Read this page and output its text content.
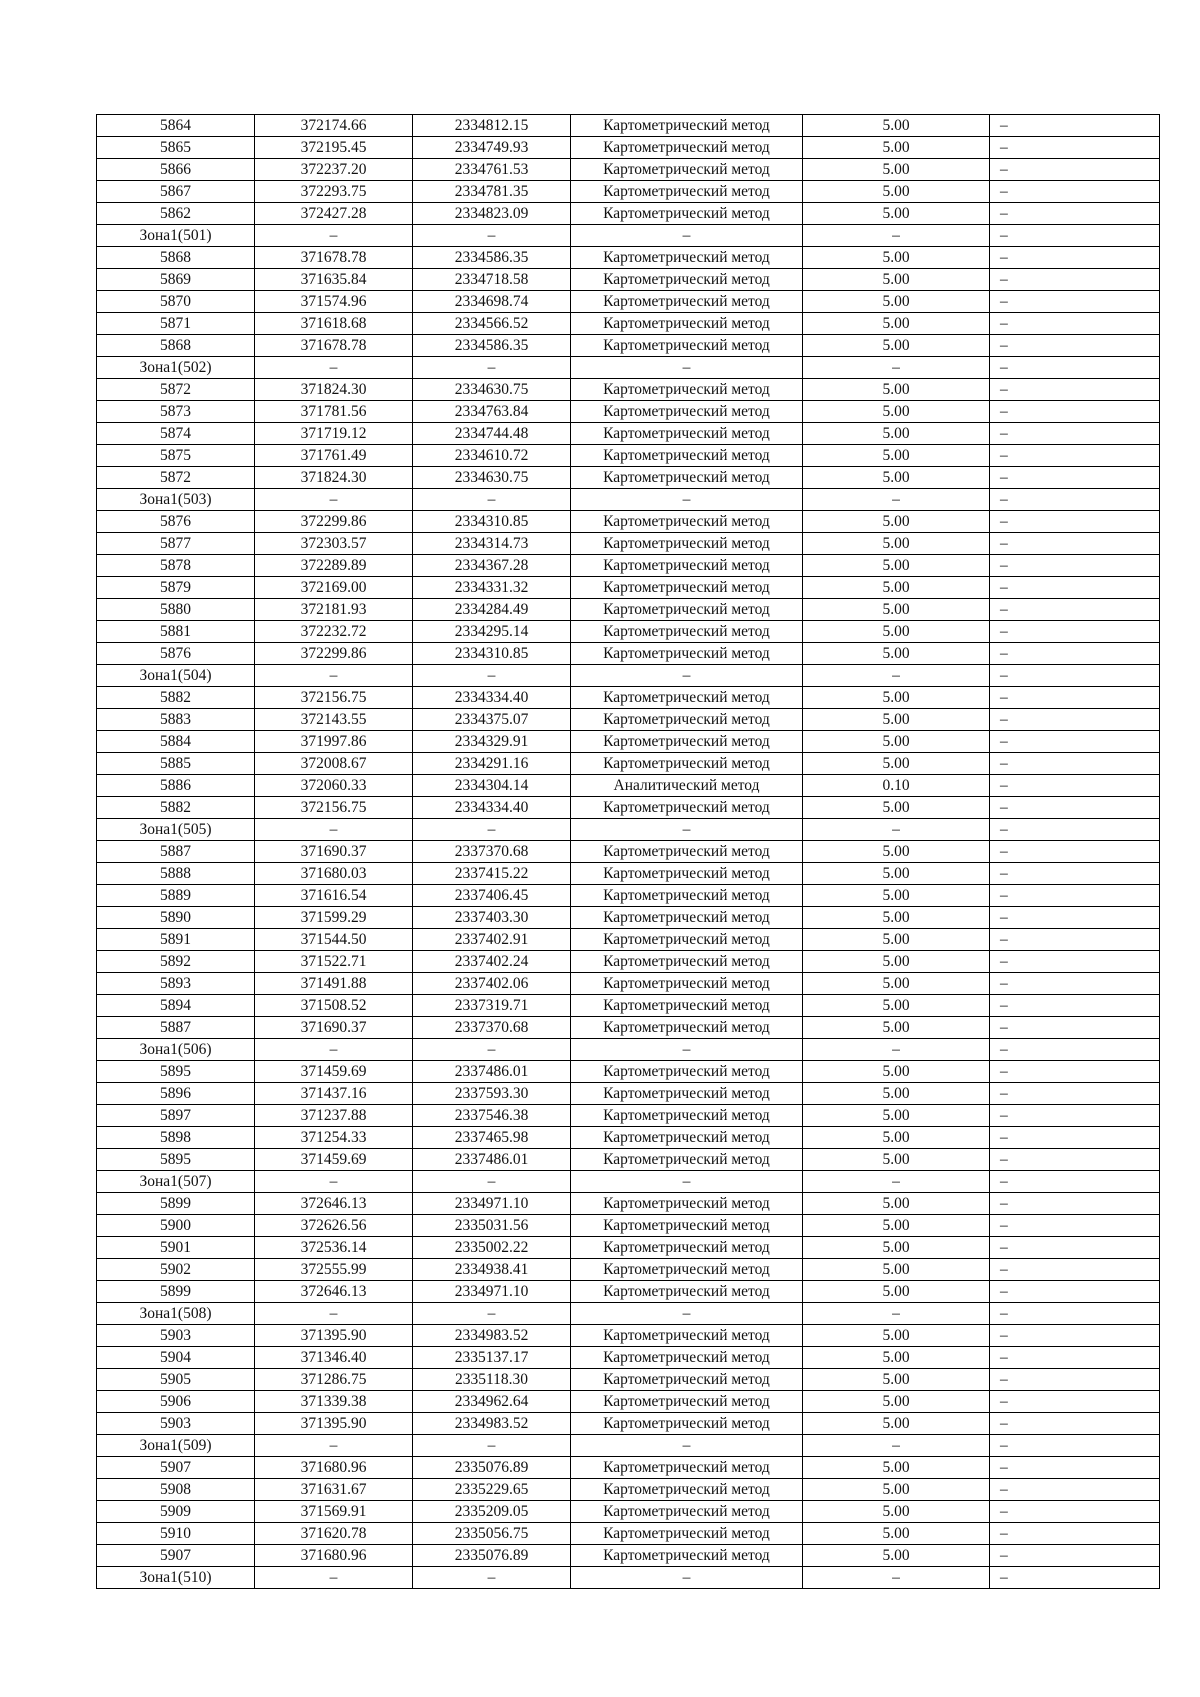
5864	372174.66	2334812.15	Картометрический метод	5.00	–
5865	372195.45	2334749.93	Картометрический метод	5.00	–
5866	372237.20	2334761.53	Картометрический метод	5.00	–
5867	372293.75	2334781.35	Картометрический метод	5.00	–
5862	372427.28	2334823.09	Картометрический метод	5.00	–
Зона1(501)	–	–	–	–	–
5868	371678.78	2334586.35	Картометрический метод	5.00	–
5869	371635.84	2334718.58	Картометрический метод	5.00	–
5870	371574.96	2334698.74	Картометрический метод	5.00	–
5871	371618.68	2334566.52	Картометрический метод	5.00	–
5868	371678.78	2334586.35	Картометрический метод	5.00	–
Зона1(502)	–	–	–	–	–
5872	371824.30	2334630.75	Картометрический метод	5.00	–
5873	371781.56	2334763.84	Картометрический метод	5.00	–
5874	371719.12	2334744.48	Картометрический метод	5.00	–
5875	371761.49	2334610.72	Картометрический метод	5.00	–
5872	371824.30	2334630.75	Картометрический метод	5.00	–
Зона1(503)	–	–	–	–	–
5876	372299.86	2334310.85	Картометрический метод	5.00	–
5877	372303.57	2334314.73	Картометрический метод	5.00	–
5878	372289.89	2334367.28	Картометрический метод	5.00	–
5879	372169.00	2334331.32	Картометрический метод	5.00	–
5880	372181.93	2334284.49	Картометрический метод	5.00	–
5881	372232.72	2334295.14	Картометрический метод	5.00	–
5876	372299.86	2334310.85	Картометрический метод	5.00	–
Зона1(504)	–	–	–	–	–
5882	372156.75	2334334.40	Картометрический метод	5.00	–
5883	372143.55	2334375.07	Картометрический метод	5.00	–
5884	371997.86	2334329.91	Картометрический метод	5.00	–
5885	372008.67	2334291.16	Картометрический метод	5.00	–
5886	372060.33	2334304.14	Аналитический метод	0.10	–
5882	372156.75	2334334.40	Картометрический метод	5.00	–
Зона1(505)	–	–	–	–	–
5887	371690.37	2337370.68	Картометрический метод	5.00	–
5888	371680.03	2337415.22	Картометрический метод	5.00	–
5889	371616.54	2337406.45	Картометрический метод	5.00	–
5890	371599.29	2337403.30	Картометрический метод	5.00	–
5891	371544.50	2337402.91	Картометрический метод	5.00	–
5892	371522.71	2337402.24	Картометрический метод	5.00	–
5893	371491.88	2337402.06	Картометрический метод	5.00	–
5894	371508.52	2337319.71	Картометрический метод	5.00	–
5887	371690.37	2337370.68	Картометрический метод	5.00	–
Зона1(506)	–	–	–	–	–
5895	371459.69	2337486.01	Картометрический метод	5.00	–
5896	371437.16	2337593.30	Картометрический метод	5.00	–
5897	371237.88	2337546.38	Картометрический метод	5.00	–
5898	371254.33	2337465.98	Картометрический метод	5.00	–
5895	371459.69	2337486.01	Картометрический метод	5.00	–
Зона1(507)	–	–	–	–	–
5899	372646.13	2334971.10	Картометрический метод	5.00	–
5900	372626.56	2335031.56	Картометрический метод	5.00	–
5901	372536.14	2335002.22	Картометрический метод	5.00	–
5902	372555.99	2334938.41	Картометрический метод	5.00	–
5899	372646.13	2334971.10	Картометрический метод	5.00	–
Зона1(508)	–	–	–	–	–
5903	371395.90	2334983.52	Картометрический метод	5.00	–
5904	371346.40	2335137.17	Картометрический метод	5.00	–
5905	371286.75	2335118.30	Картометрический метод	5.00	–
5906	371339.38	2334962.64	Картометрический метод	5.00	–
5903	371395.90	2334983.52	Картометрический метод	5.00	–
Зона1(509)	–	–	–	–	–
5907	371680.96	2335076.89	Картометрический метод	5.00	–
5908	371631.67	2335229.65	Картометрический метод	5.00	–
5909	371569.91	2335209.05	Картометрический метод	5.00	–
5910	371620.78	2335056.75	Картометрический метод	5.00	–
5907	371680.96	2335076.89	Картометрический метод	5.00	–
Зона1(510)	–	–	–	–	–
